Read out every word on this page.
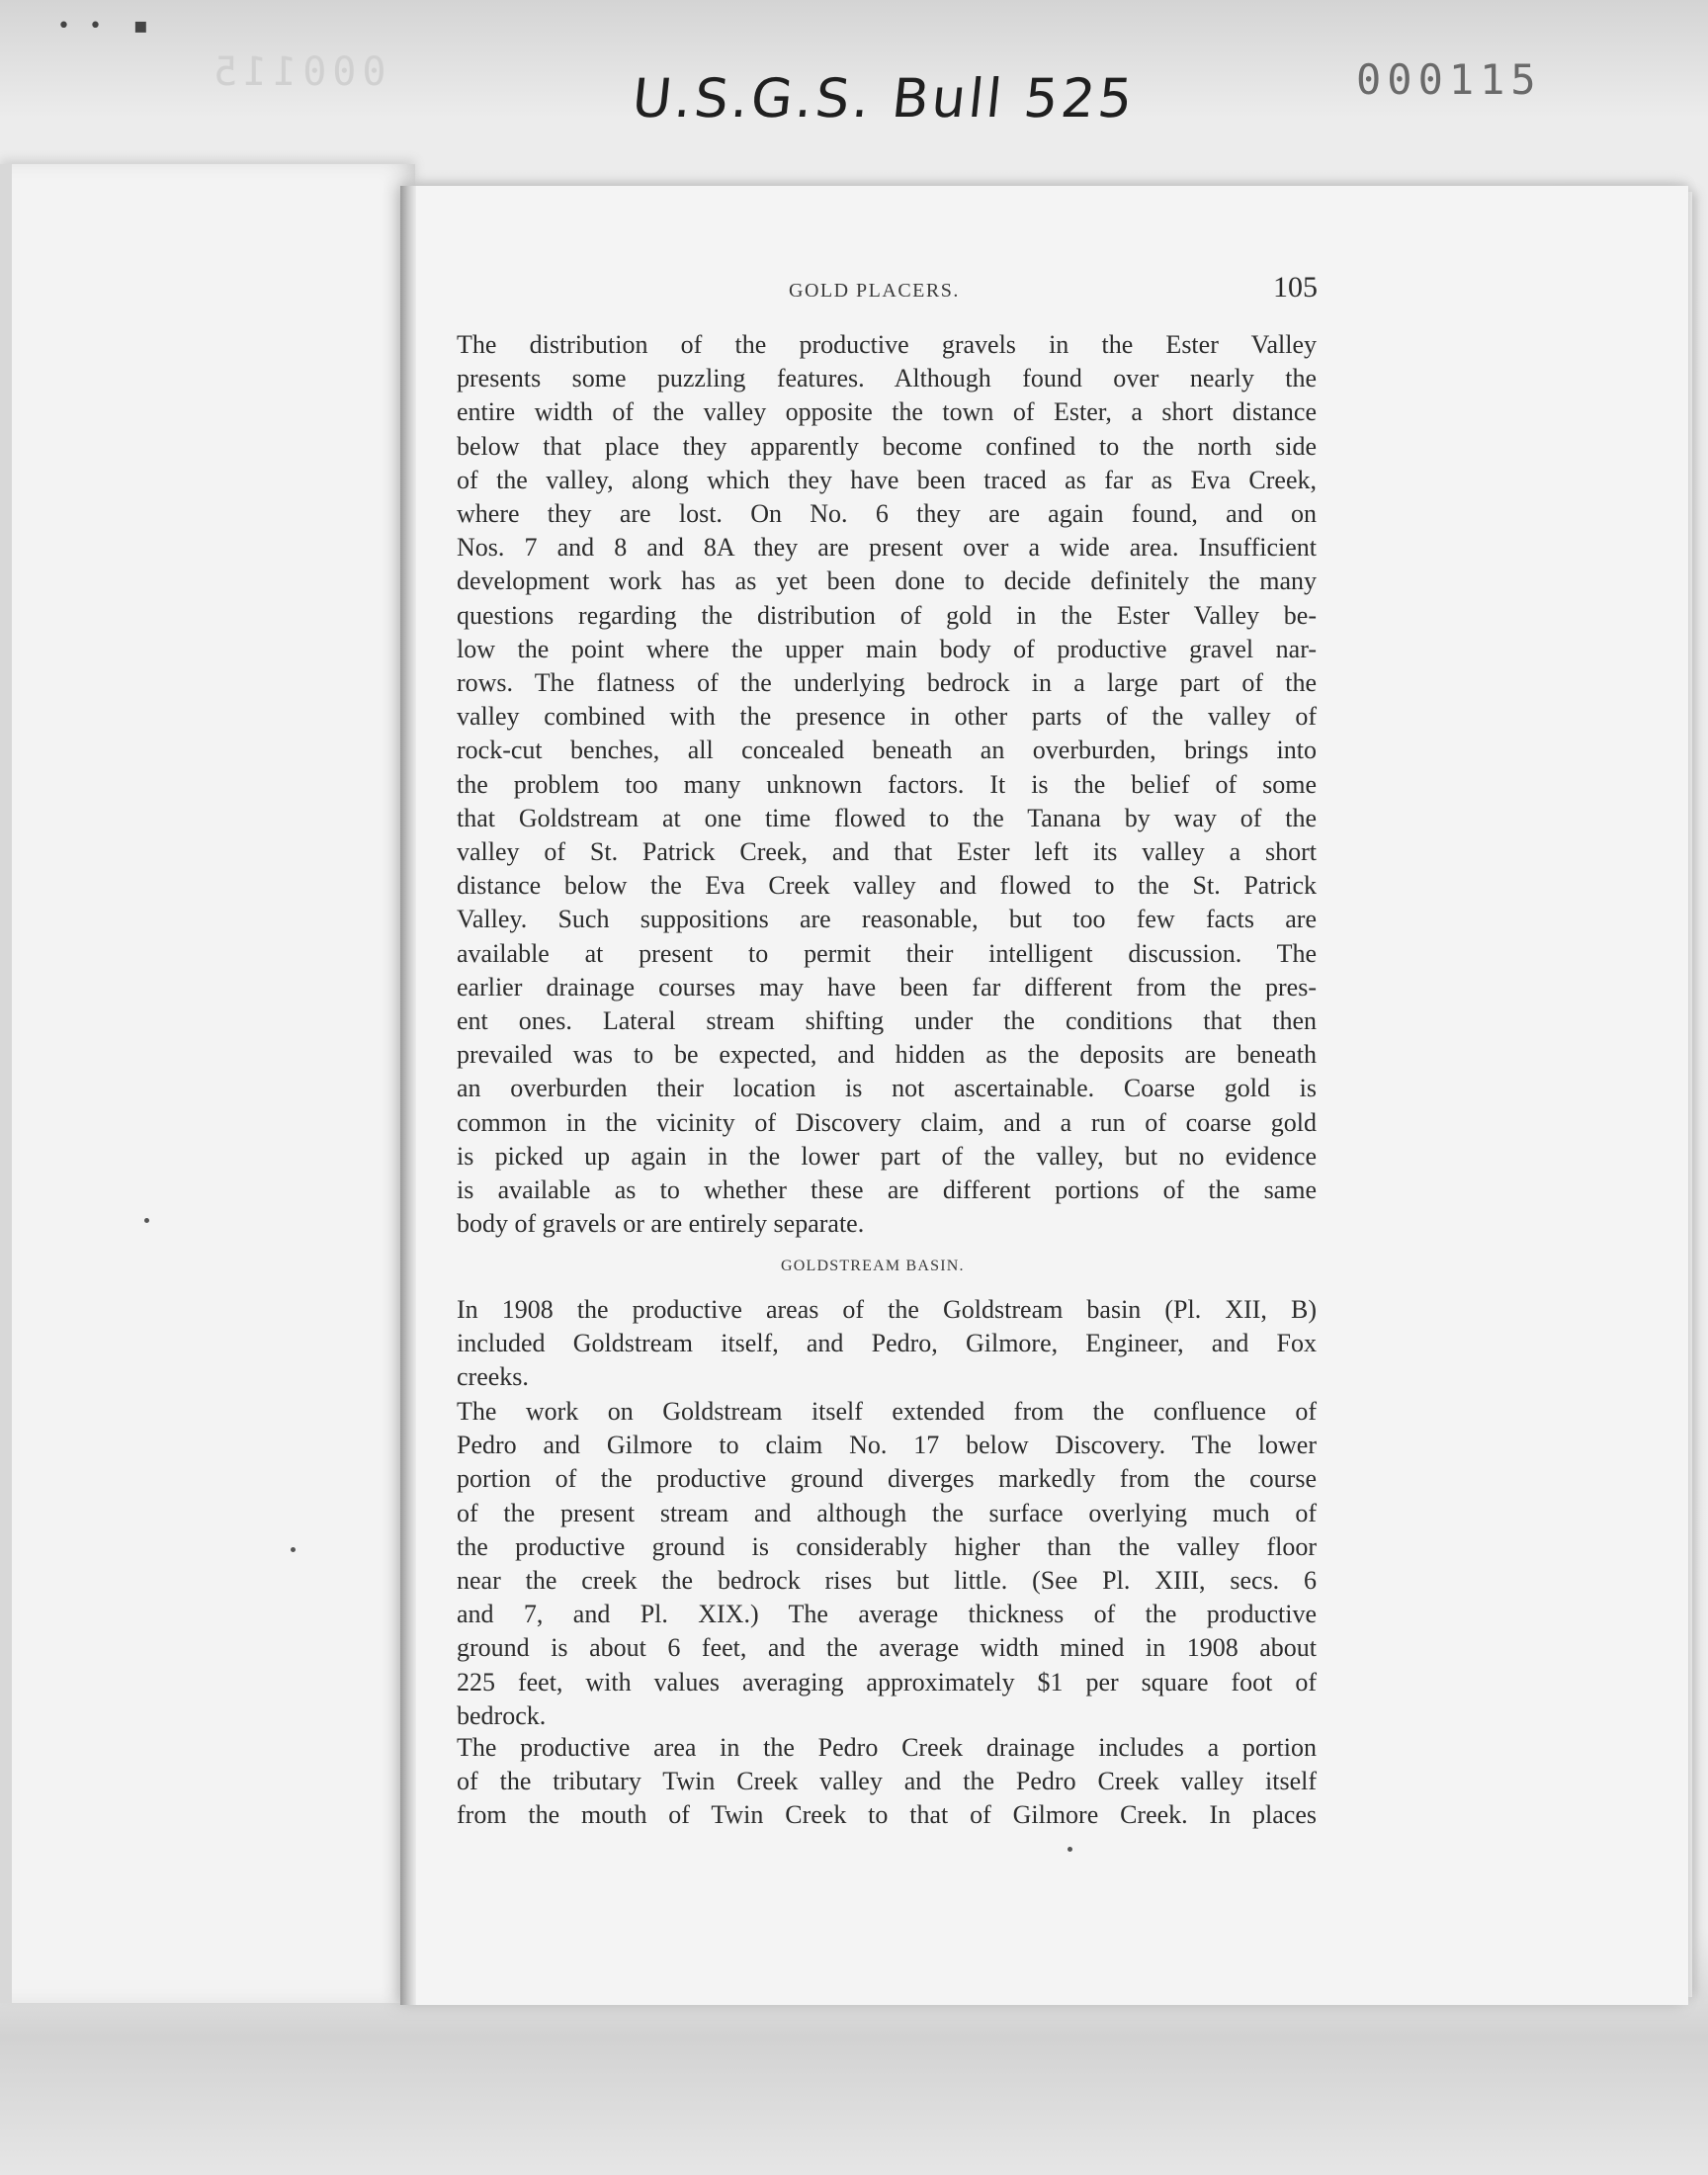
• •  ▪
000115	U.S.G.S. Bull 525	000115
GOLD PLACERS.	105
The distribution of the productive gravels in the Ester Valley
presents some puzzling features. Although found over nearly the
entire width of the valley opposite the town of Ester, a short distance
below that place they apparently become confined to the north side
of the valley, along which they have been traced as far as Eva Creek,
where they are lost. On No. 6 they are again found, and on
Nos. 7 and 8 and 8A they are present over a wide area. Insufficient
development work has as yet been done to decide definitely the many
questions regarding the distribution of gold in the Ester Valley be-
low the point where the upper main body of productive gravel nar-
rows. The flatness of the underlying bedrock in a large part of the
valley combined with the presence in other parts of the valley of
rock-cut benches, all concealed beneath an overburden, brings into
the problem too many unknown factors. It is the belief of some
that Goldstream at one time flowed to the Tanana by way of the
valley of St. Patrick Creek, and that Ester left its valley a short
distance below the Eva Creek valley and flowed to the St. Patrick
Valley. Such suppositions are reasonable, but too few facts are
available at present to permit their intelligent discussion. The
earlier drainage courses may have been far different from the pres-
ent ones. Lateral stream shifting under the conditions that then
prevailed was to be expected, and hidden as the deposits are beneath
an overburden their location is not ascertainable. Coarse gold is
common in the vicinity of Discovery claim, and a run of coarse gold
is picked up again in the lower part of the valley, but no evidence
is available as to whether these are different portions of the same
body of gravels or are entirely separate.
GOLDSTREAM BASIN.
In 1908 the productive areas of the Goldstream basin (Pl. XII, B)
included Goldstream itself, and Pedro, Gilmore, Engineer, and Fox
creeks.
The work on Goldstream itself extended from the confluence of
Pedro and Gilmore to claim No. 17 below Discovery. The lower
portion of the productive ground diverges markedly from the course
of the present stream and although the surface overlying much of
the productive ground is considerably higher than the valley floor
near the creek the bedrock rises but little. (See Pl. XIII, secs. 6
and 7, and Pl. XIX.) The average thickness of the productive
ground is about 6 feet, and the average width mined in 1908 about
225 feet, with values averaging approximately $1 per square foot of
bedrock.
The productive area in the Pedro Creek drainage includes a portion
of the tributary Twin Creek valley and the Pedro Creek valley itself
from the mouth of Twin Creek to that of Gilmore Creek. In places
